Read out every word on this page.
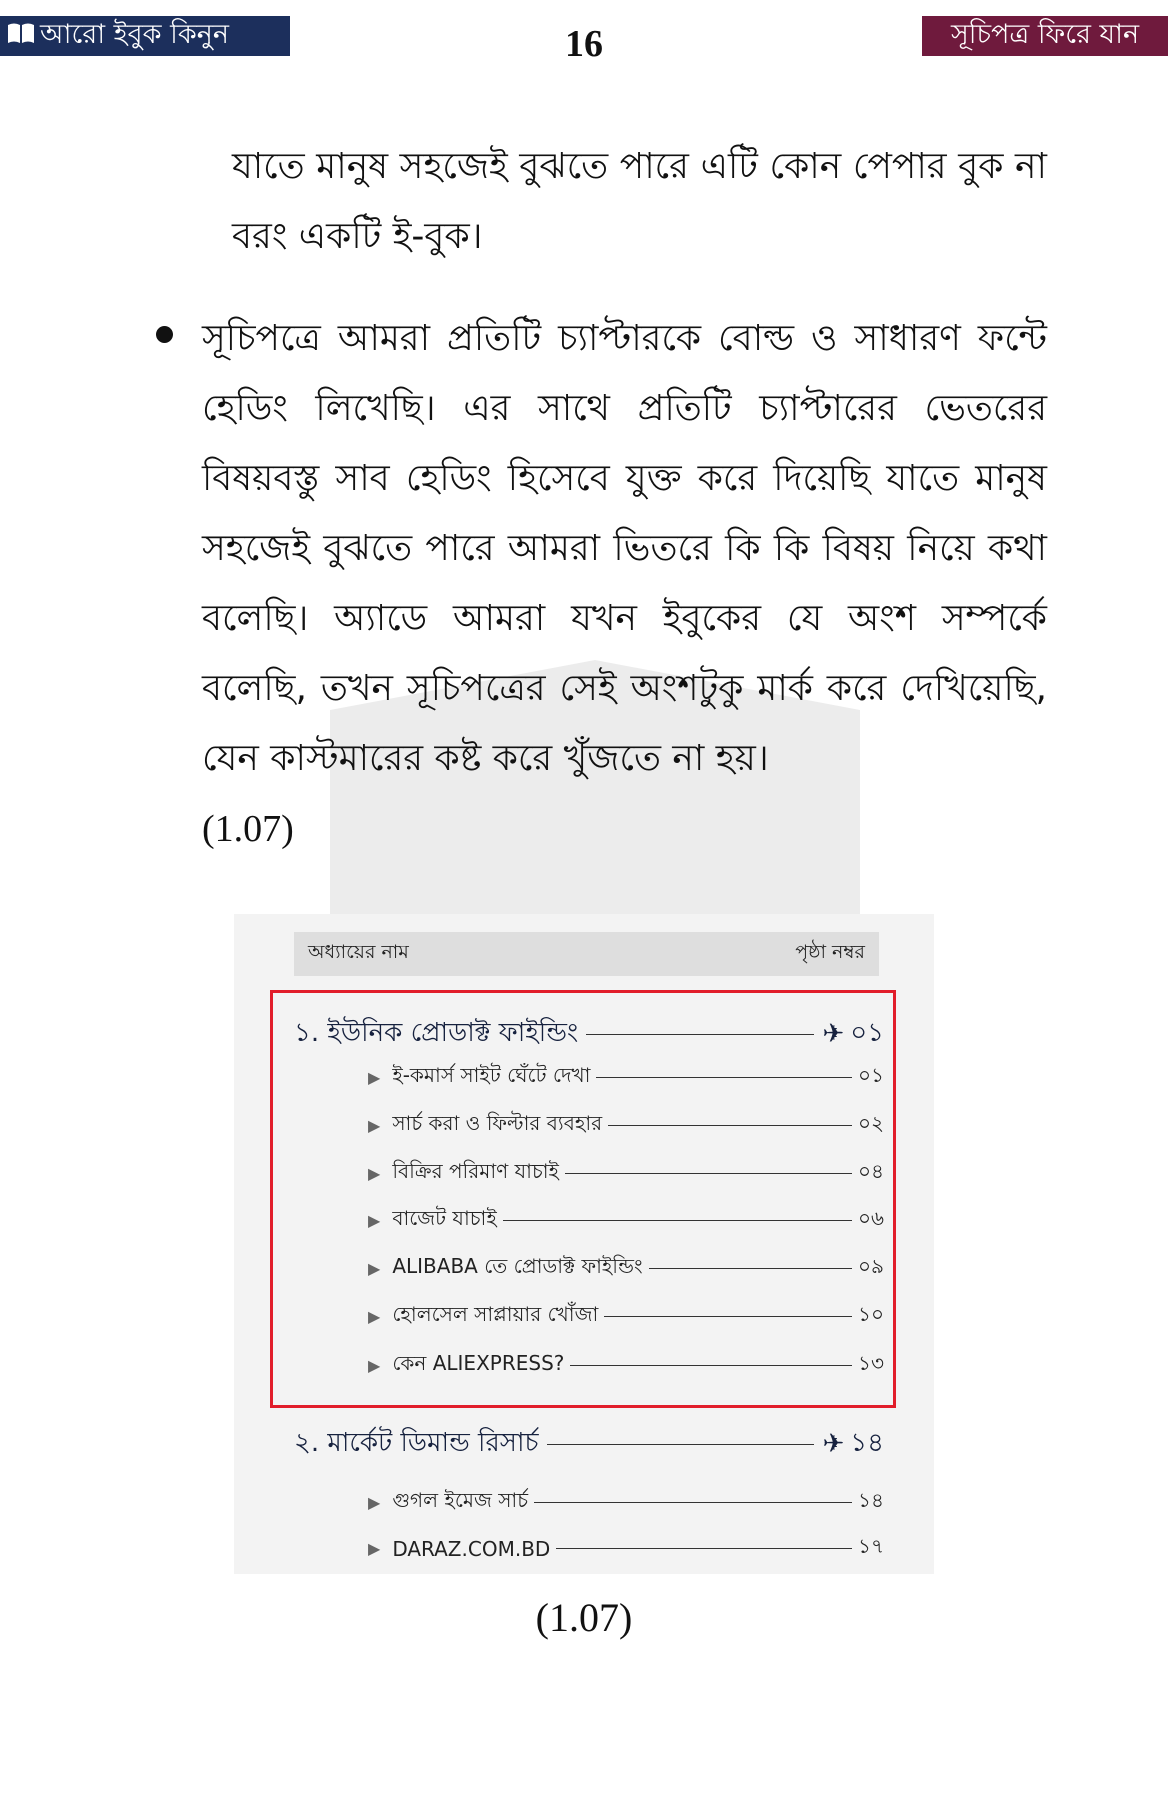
আরো ইবুক কিনুন	16	সূচিপত্র ফিরে যান
যাতে মানুষ সহজেই বুঝতে পারে এটি কোন পেপার বুক না বরং একটি ই-বুক।
সূচিপত্রে আমরা প্রতিটি চ্যাপ্টারকে বোল্ড ও সাধারণ ফন্টে হেডিং লিখেছি। এর সাথে প্রতিটি চ্যাপ্টারের ভেতরের বিষয়বস্তু সাব হেডিং হিসেবে যুক্ত করে দিয়েছি যাতে মানুষ সহজেই বুঝতে পারে আমরা ভিতরে কি কি বিষয় নিয়ে কথা বলেছি। অ্যাডে আমরা যখন ইবুকের যে অংশ সম্পর্কে বলেছি, তখন সূচিপত্রের সেই অংশটুকু মার্ক করে দেখিয়েছি, যেন কাস্টমারের কষ্ট করে খুঁজতে না হয়।
(1.07)
অধ্যায়ের নাম	পৃষ্ঠা নম্বর
১. ইউনিক প্রোডাক্ট ফাইন্ডিং	✈ ০১
▶ ই-কমার্স সাইট ঘেঁটে দেখা	০১
▶ সার্চ করা ও ফিল্টার ব্যবহার	০২
▶ বিক্রির পরিমাণ যাচাই	০৪
▶ বাজেট যাচাই	০৬
▶ ALIBABA তে প্রোডাক্ট ফাইন্ডিং	০৯
▶ হোলসেল সাপ্লায়ার খোঁজা	১০
▶ কেন ALIEXPRESS?	১৩
২. মার্কেট ডিমান্ড রিসার্চ	✈ ১৪
▶ গুগল ইমেজ সার্চ	১৪
▶ DARAZ.COM.BD	১৭
(1.07)
